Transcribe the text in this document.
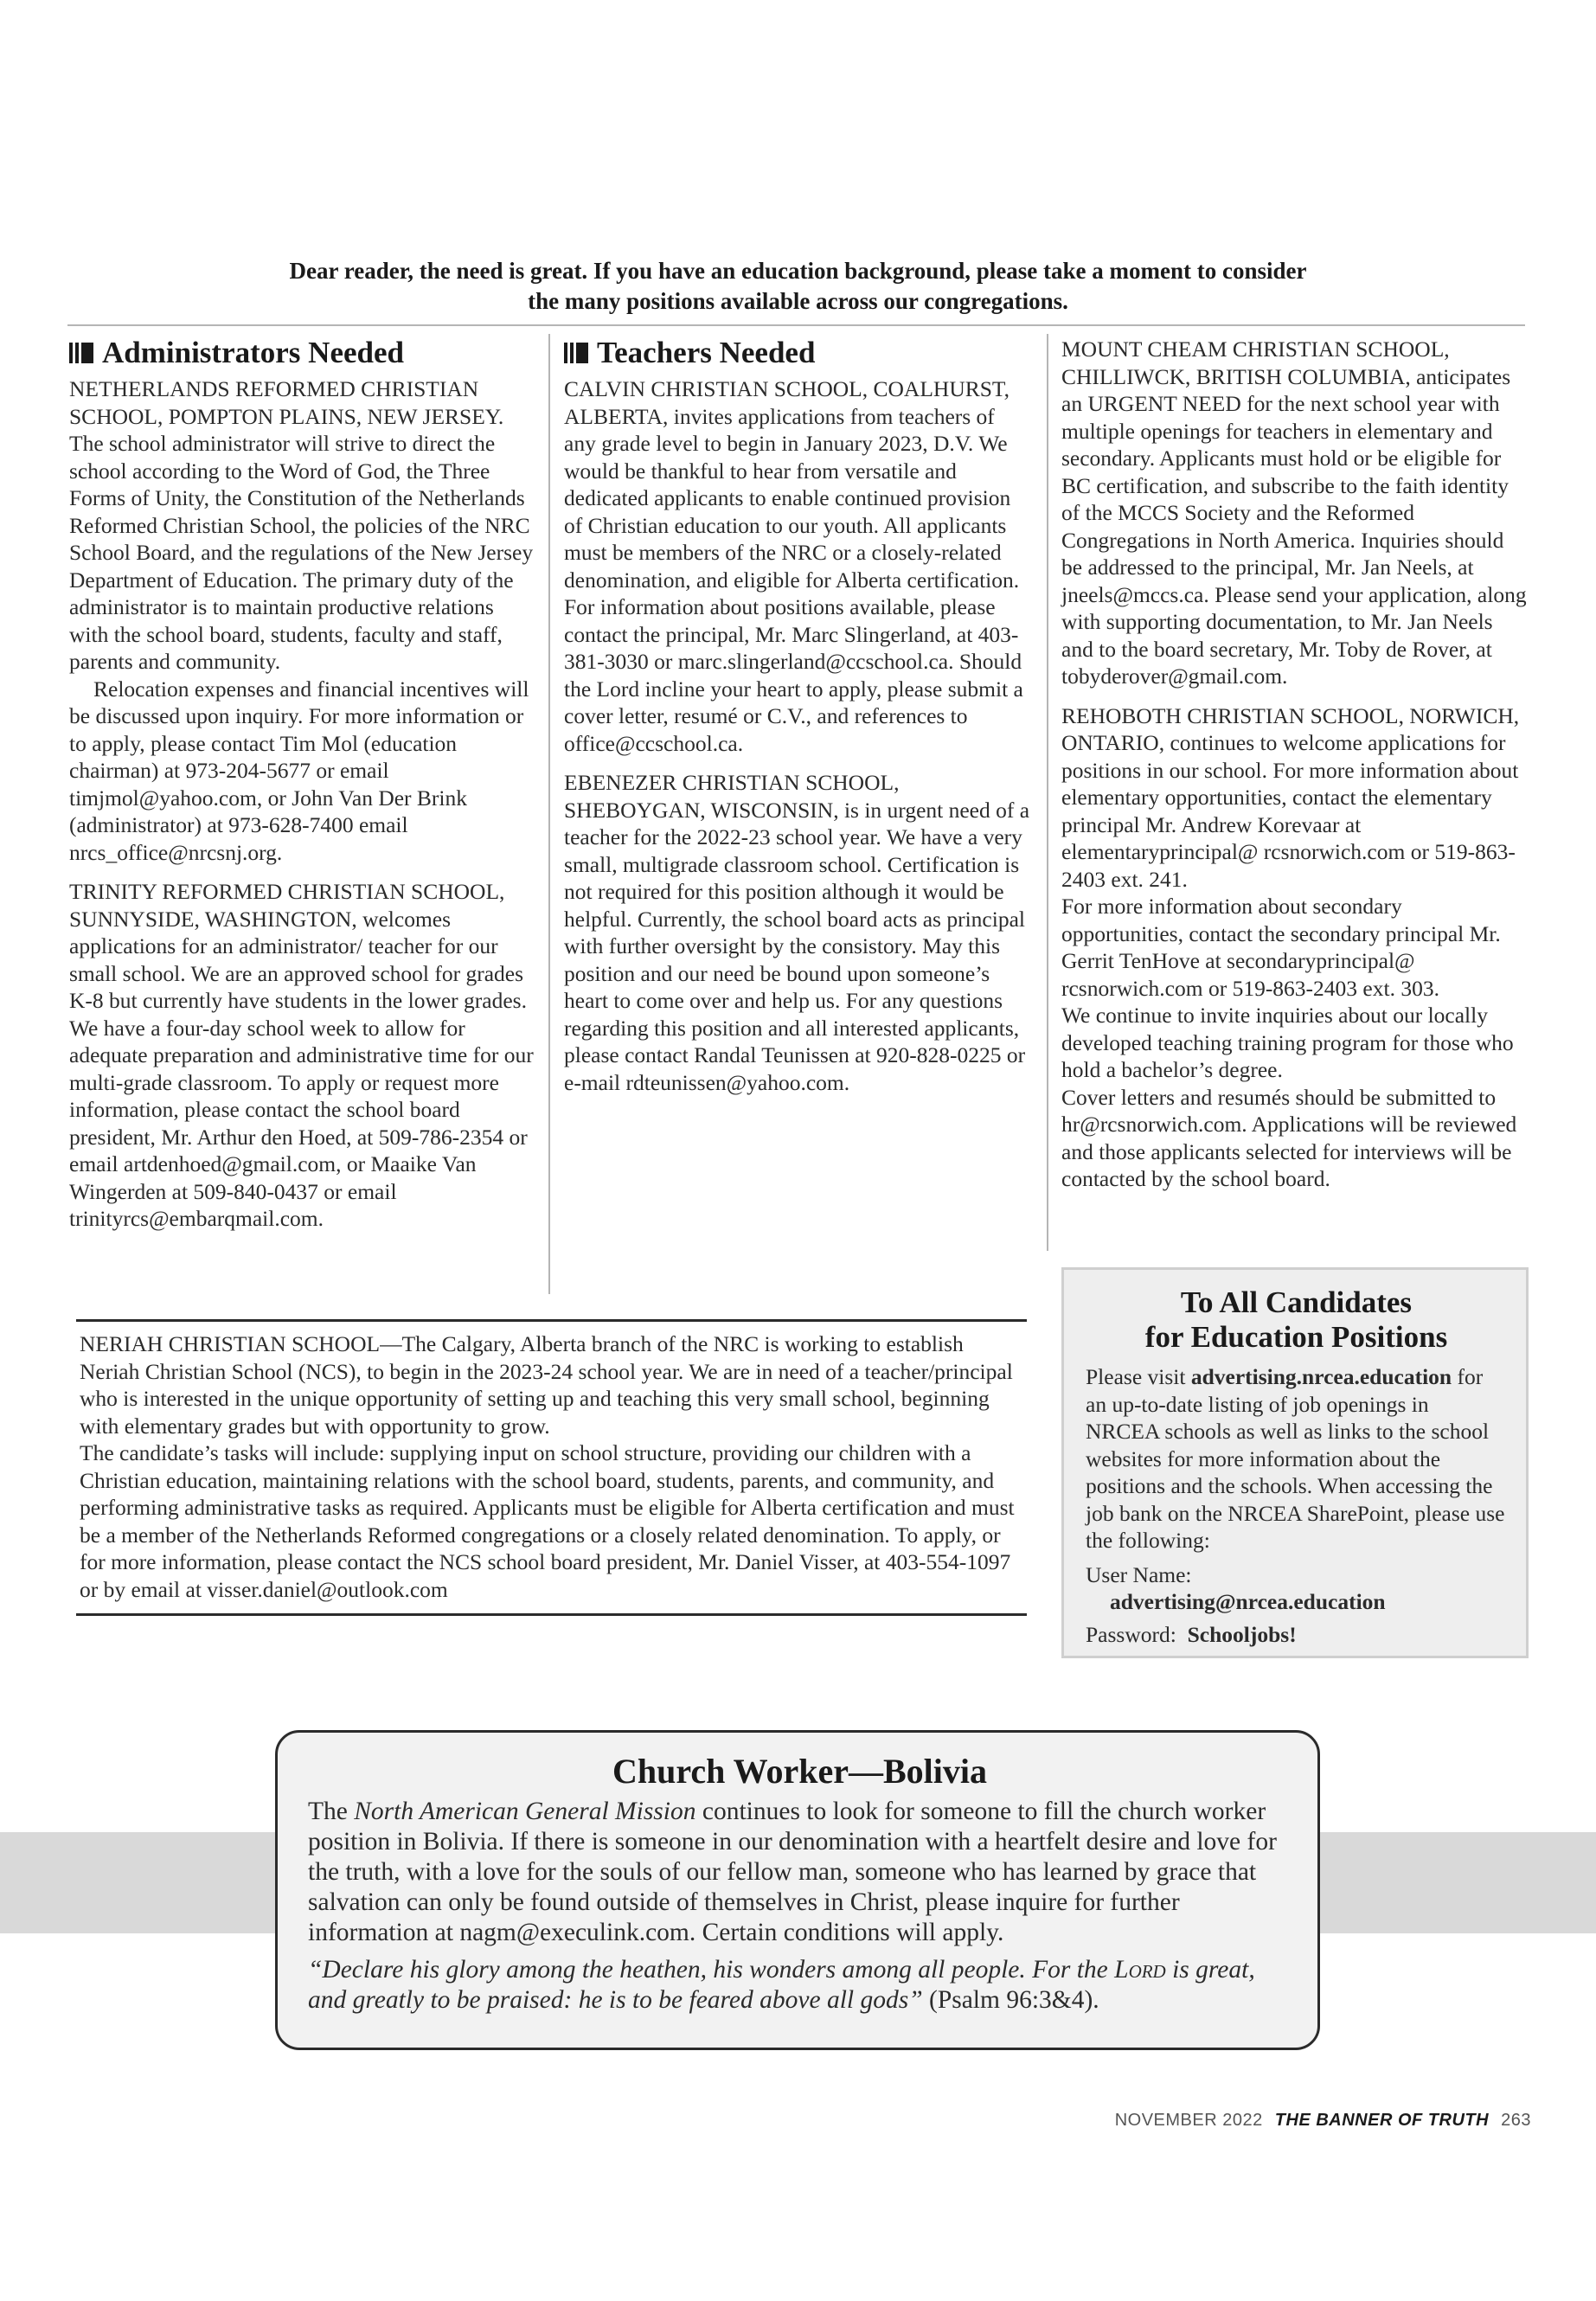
Dear reader, the need is great. If you have an education background, please take a moment to consider
the many positions available across our congregations.
Administrators Needed

NETHERLANDS REFORMED CHRISTIAN SCHOOL, POMPTON PLAINS, NEW JERSEY. The school administrator will strive to direct the school according to the Word of God, the Three Forms of Unity, the Constitution of the Netherlands Reformed Christian School, the policies of the NRC School Board, and the regulations of the New Jersey Department of Education. The primary duty of the administrator is to maintain productive relations with the school board, students, faculty and staff, parents and community.

Relocation expenses and financial incentives will be discussed upon inquiry. For more information or to apply, please contact Tim Mol (education chairman) at 973-204-5677 or email timjmol@yahoo.com, or John Van Der Brink (administrator) at 973-628-7400 email nrcs_office@nrcsnj.org.

TRINITY REFORMED CHRISTIAN SCHOOL, SUNNYSIDE, WASHINGTON, welcomes applications for an administrator/ teacher for our small school. We are an approved school for grades K-8 but currently have students in the lower grades. We have a four-day school week to allow for adequate preparation and administrative time for our multi-grade classroom. To apply or request more information, please contact the school board president, Mr. Arthur den Hoed, at 509-786-2354 or email artdenhoed@gmail.com, or Maaike Van Wingerden at 509-840-0437 or email trinityrcs@embarqmail.com.

Teachers Needed

CALVIN CHRISTIAN SCHOOL, COALHURST, ALBERTA, invites applications from teachers of any grade level to begin in January 2023, D.V. We would be thankful to hear from versatile and dedicated applicants to enable continued provision of Christian education to our youth. All applicants must be members of the NRC or a closely-related denomination, and eligible for Alberta certification. For information about positions available, please contact the principal, Mr. Marc Slingerland, at 403-381-3030 or marc.slingerland@ccschool.ca. Should the Lord incline your heart to apply, please submit a cover letter, resumé or C.V., and references to office@ccschool.ca.

EBENEZER CHRISTIAN SCHOOL, SHEBOYGAN, WISCONSIN, is in urgent need of a teacher for the 2022-23 school year. We have a very small, multigrade classroom school. Certification is not required for this position although it would be helpful. Currently, the school board acts as principal with further oversight by the consistory. May this position and our need be bound upon someone’s heart to come over and help us. For any questions regarding this position and all interested applicants, please contact Randal Teunissen at 920-828-0225 or e-mail rdteunissen@yahoo.com.

MOUNT CHEAM CHRISTIAN SCHOOL, CHILLIWCK, BRITISH COLUMBIA, anticipates an URGENT NEED for the next school year with multiple openings for teachers in elementary and secondary. Applicants must hold or be eligible for BC certification, and subscribe to the faith identity of the MCCS Society and the Reformed Congregations in North America. Inquiries should be addressed to the principal, Mr. Jan Neels, at jneels@mccs.ca. Please send your application, along with supporting documentation, to Mr. Jan Neels and to the board secretary, Mr. Toby de Rover, at tobyderover@gmail.com.

REHOBOTH CHRISTIAN SCHOOL, NORWICH, ONTARIO, continues to welcome applications for positions in our school. For more information about elementary opportunities, contact the elementary principal Mr. Andrew Korevaar at elementaryprincipal@ rcsnorwich.com or 519-863-2403 ext. 241.

For more information about secondary opportunities, contact the secondary principal Mr. Gerrit TenHove at secondaryprincipal@ rcsnorwich.com or 519-863-2403 ext. 303.

We continue to invite inquiries about our locally developed teaching training program for those who hold a bachelor’s degree.

Cover letters and resumés should be submitted to hr@rcsnorwich.com. Applications will be reviewed and those applicants selected for interviews will be contacted by the school board.

NERIAH CHRISTIAN SCHOOL—The Calgary, Alberta branch of the NRC is working to establish Neriah Christian School (NCS), to begin in the 2023-24 school year. We are in need of a teacher/principal who is interested in the unique opportunity of setting up and teaching this very small school, beginning with elementary grades but with opportunity to grow.

The candidate’s tasks will include: supplying input on school structure, providing our children with a Christian education, maintaining relations with the school board, students, parents, and community, and performing administrative tasks as required. Applicants must be eligible for Alberta certification and must be a member of the Netherlands Reformed congregations or a closely related denomination. To apply, or for more information, please contact the NCS school board president, Mr. Daniel Visser, at 403-554-1097 or by email at visser.daniel@outlook.com

To All Candidates
for Education Positions

Please visit advertising.nrcea.education for an up-to-date listing of job openings in NRCEA schools as well as links to the school websites for more information about the positions and the schools. When accessing the job bank on the NRCEA SharePoint, please use the following:

User Name:

advertising@nrcea.education

Password: Schooljobs!

Church Worker—Bolivia

The North American General Mission continues to look for someone to fill the church worker position in Bolivia. If there is someone in our denomination with a heartfelt desire and love for the truth, with a love for the souls of our fellow man, someone who has learned by grace that salvation can only be found outside of themselves in Christ, please inquire for further information at nagm@execulink.com. Certain conditions will apply.

“Declare his glory among the heathen, his wonders among all people. For the Lord is great, and greatly to be praised: he is to be feared above all gods” (Psalm 96:3&4).

NOVEMBER 2022 THE BANNER OF TRUTH 263
